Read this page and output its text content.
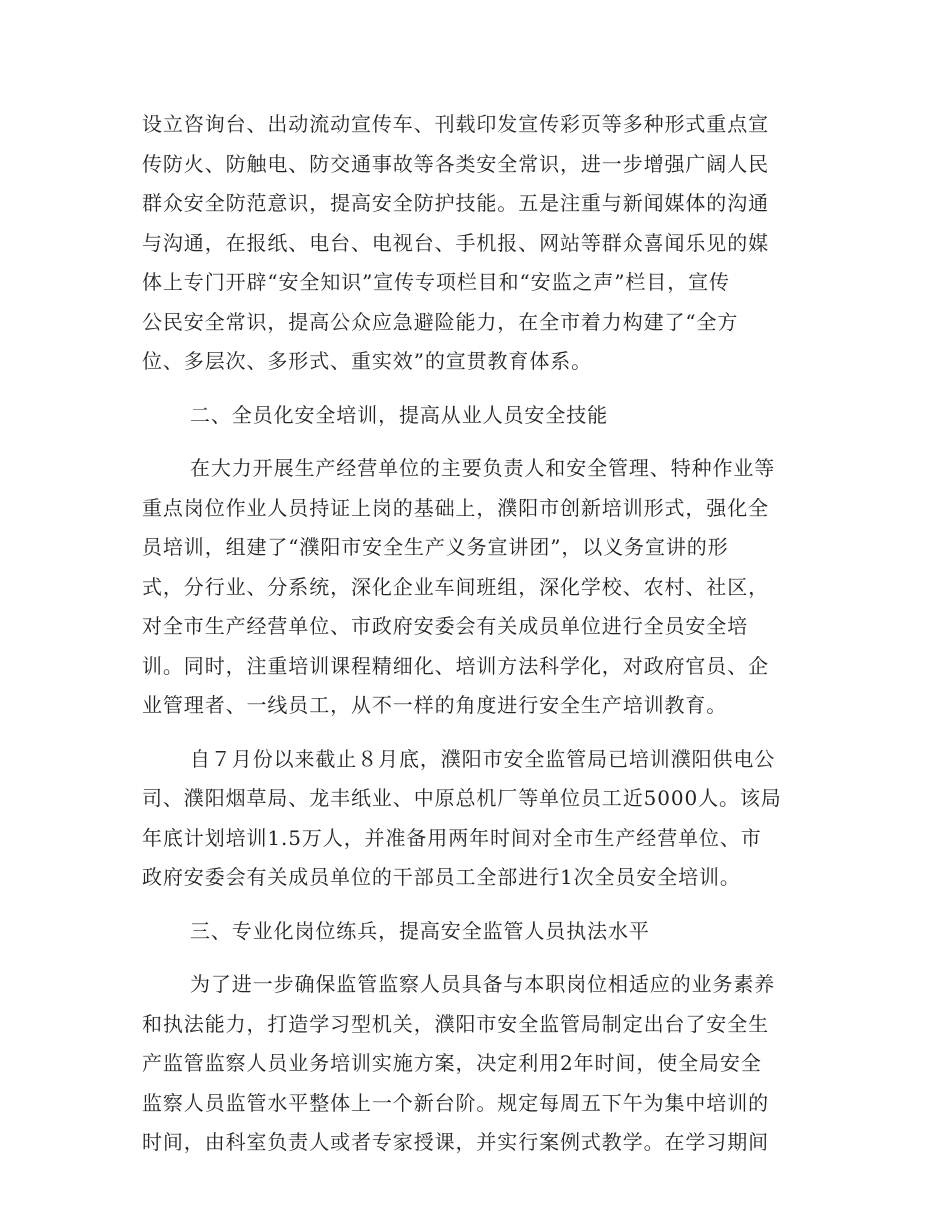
设立咨询台、出动流动宣传车、刊载印发宣传彩页等多种形式重点宣
传防火、防触电、防交通事故等各类安全常识，进一步增强广阔人民
群众安全防范意识，提高安全防护技能。五是注重与新闻媒体的沟通
与沟通，在报纸、电台、电视台、手机报、网站等群众喜闻乐见的媒
体上专门开辟“安全知识”宣传专项栏目和“安监之声”栏目，宣传
公民安全常识，提高公众应急避险能力，在全市着力构建了“全方
位、多层次、多形式、重实效”的宣贯教育体系。

二、全员化安全培训，提高从业人员安全技能

在大力开展生产经营单位的主要负责人和安全管理、特种作业等
重点岗位作业人员持证上岗的基础上，濮阳市创新培训形式，强化全
员培训，组建了“濮阳市安全生产义务宣讲团”，以义务宣讲的形
式，分行业、分系统，深化企业车间班组，深化学校、农村、社区，
对全市生产经营单位、市政府安委会有关成员单位进行全员安全培
训。同时，注重培训课程精细化、培训方法科学化，对政府官员、企
业管理者、一线员工，从不一样的角度进行安全生产培训教育。

自７月份以来截止８月底，濮阳市安全监管局已培训濮阳供电公
司、濮阳烟草局、龙丰纸业、中原总机厂等单位员工近5000人。该局
年底计划培训1.5万人，并准备用两年时间对全市生产经营单位、市
政府安委会有关成员单位的干部员工全部进行1次全员安全培训。

三、专业化岗位练兵，提高安全监管人员执法水平

为了进一步确保监管监察人员具备与本职岗位相适应的业务素养
和执法能力，打造学习型机关，濮阳市安全监管局制定出台了安全生
产监管监察人员业务培训实施方案，决定利用2年时间，使全局安全
监察人员监管水平整体上一个新台阶。规定每周五下午为集中培训的
时间，由科室负责人或者专家授课，并实行案例式教学。在学习期间
